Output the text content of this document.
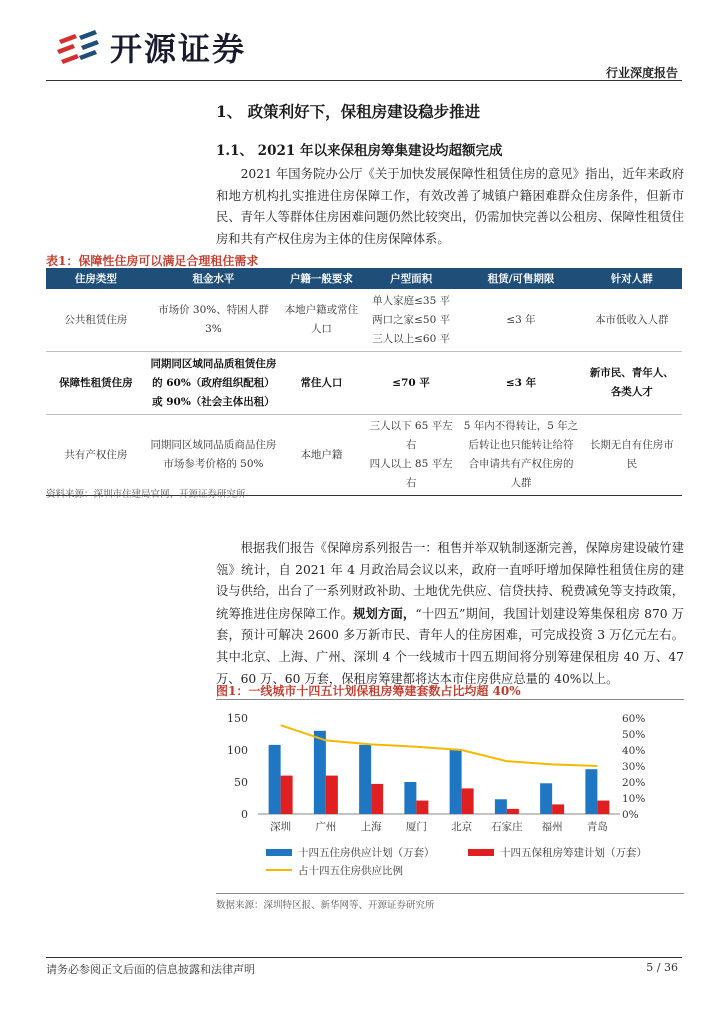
开源证券
行业深度报告
1、 政策利好下，保租房建设稳步推进
1.1、 2021 年以来保租房筹集建设均超额完成

2021 年国务院办公厅《关于加快发展保障性租赁住房的意见》指出，近年来政府和地方机构扎实推进住房保障工作，有效改善了城镇户籍困难群众住房条件，但新市民、青年人等群体住房困难问题仍然比较突出，仍需加快完善以公租房、保障性租赁住房和共有产权住房为主体的住房保障体系。

表1：保障性住房可以满足合理租住需求
住房类型	租金水平	户籍一般要求	户型面积	租赁/可售期限	针对人群
公共租赁住房	市场价 30%、特困人群 3%	本地户籍或常住人口	单人家庭≤35 平
两口之家≤50 平
三人以上≤60 平	≤3 年	本市低收入人群
保障性租赁住房	同期同区域同品质租赁住房的 60%（政府组织配租）或 90%（社会主体出租）	常住人口	≤70 平	≤3 年	新市民、青年人、各类人才
共有产权住房	同期同区域同品质商品住房市场参考价格的 50%	本地户籍	三人以下 65 平左右
四人以上 85 平左右	5 年内不得转让，5 年之后转让也只能转让给符合申请共有产权住房的人群	长期无自有住房市民
资料来源：深圳市住建局官网、开源证券研究所

根据我们报告《保障房系列报告一：租售并举双轨制逐渐完善，保障房建设破竹建瓴》统计，自 2021 年 4 月政治局会议以来，政府一直呼吁增加保障性租赁住房的建设与供给，出台了一系列财政补助、土地优先供应、信贷扶持、税费减免等支持政策，统筹推进住房保障工作。规划方面，“十四五”期间，我国计划建设筹集保租房 870 万套，预计可解决 2600 多万新市民、青年人的住房困难，可完成投资 3 万亿元左右。其中北京、上海、广州、深圳 4 个一线城市十四五期间将分别筹建保租房 40 万、47 万、60 万、60 万套，保租房筹建都将达本市住房供应总量的 40%以上。

图1：一线城市十四五计划保租房筹建套数占比均超 40%
0
50
100
150
0%
10%
20%
30%
40%
50%
60%
深圳 广州 上海 厦门 北京 石家庄 福州 青岛
十四五住房供应计划（万套）	十四五保租房筹建计划（万套）
占十四五住房供应比例
数据来源：深圳特区报、新华网等、开源证券研究所
请务必参阅正文后面的信息披露和法律声明	5 / 36
